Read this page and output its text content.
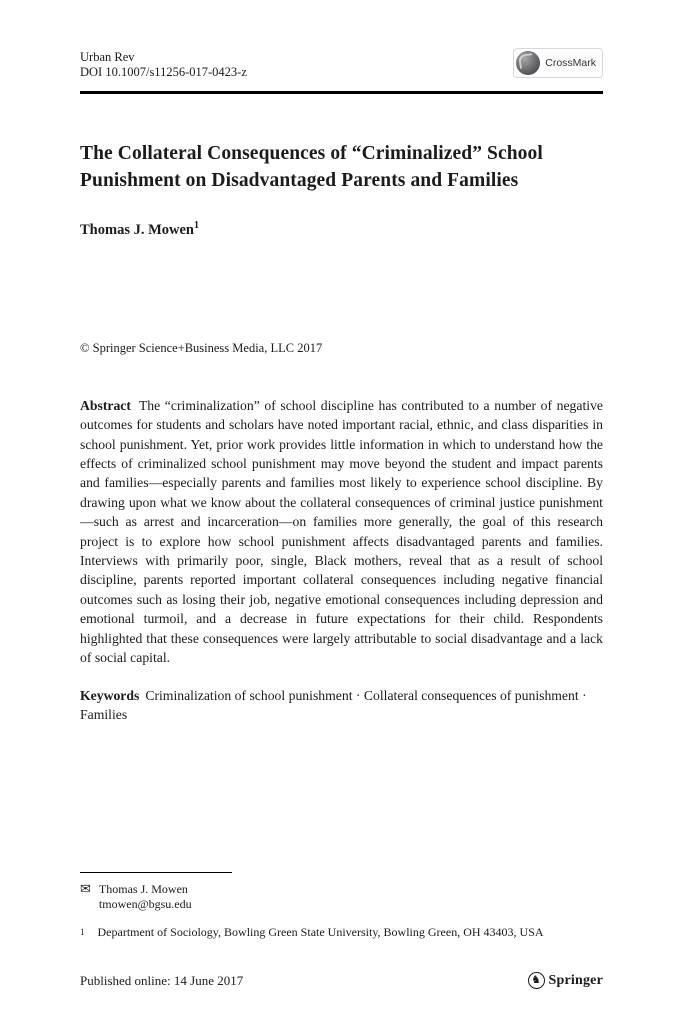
Urban Rev
DOI 10.1007/s11256-017-0423-z
CrossMark
The Collateral Consequences of “Criminalized” School Punishment on Disadvantaged Parents and Families
Thomas J. Mowen$^1$
© Springer Science+Business Media, LLC 2017

Abstract The “criminalization” of school discipline has contributed to a number of negative outcomes for students and scholars have noted important racial, ethnic, and class disparities in school punishment. Yet, prior work provides little information in which to understand how the effects of criminalized school punishment may move beyond the student and impact parents and families—especially parents and families most likely to experience school discipline. By drawing upon what we know about the collateral consequences of criminal justice punishment—such as arrest and incarceration—on families more generally, the goal of this research project is to explore how school punishment affects disadvantaged parents and families. Interviews with primarily poor, single, Black mothers, reveal that as a result of school discipline, parents reported important collateral consequences including negative financial outcomes such as losing their job, negative emotional consequences including depression and emotional turmoil, and a decrease in future expectations for their child. Respondents highlighted that these consequences were largely attributable to social disadvantage and a lack of social capital.

Keywords Criminalization of school punishment · Collateral consequences of punishment · Families

✉ Thomas J. Mowen
tmowen@bgsu.edu
1 Department of Sociology, Bowling Green State University, Bowling Green, OH 43403, USA
Published online: 14 June 2017	♞ Springer
